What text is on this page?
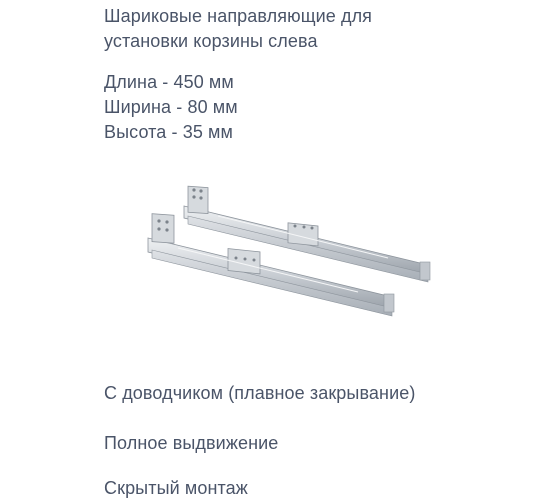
Шариковые направляющие для
установки корзины слева
Длина - 450 мм
Ширина - 80 мм
Высота - 35 мм
С доводчиком (плавное закрывание)
Полное выдвижение
Скрытый монтаж
